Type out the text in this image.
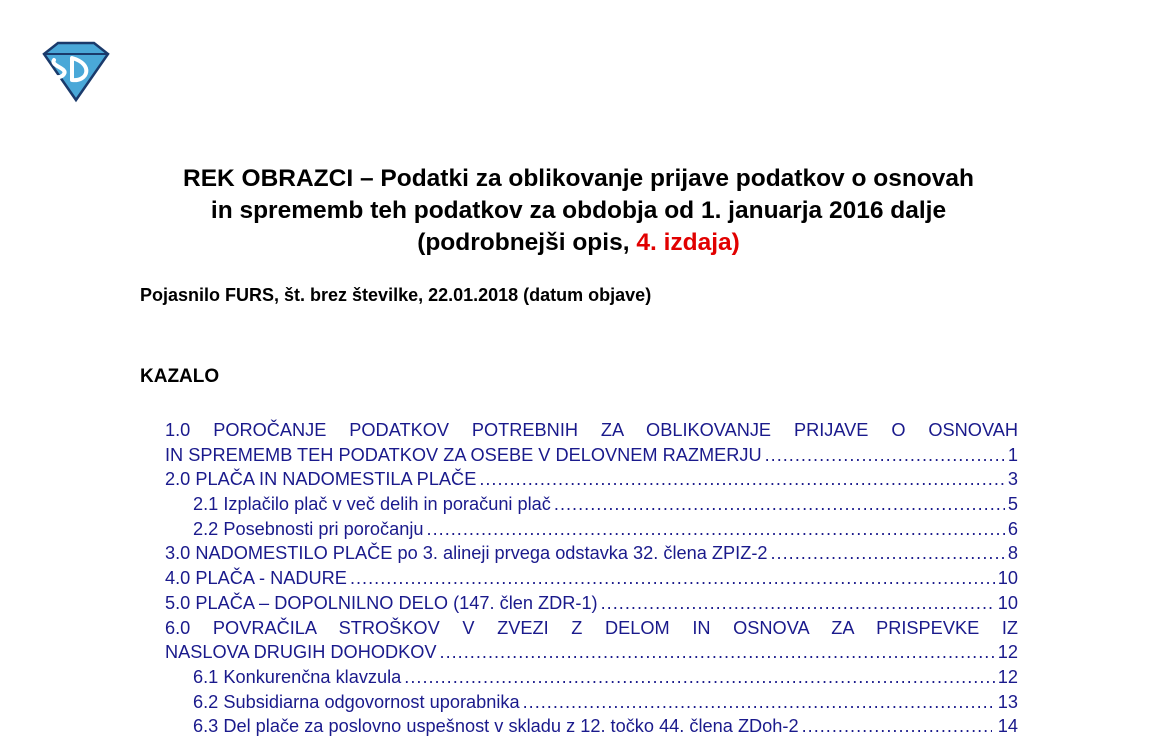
REK OBRAZCI – Podatki za oblikovanje prijave podatkov o osnovah
in sprememb teh podatkov za obdobja od 1. januarja 2016 dalje
(podrobnejši opis, 4. izdaja)
Pojasnilo FURS, št. brez številke, 22.01.2018 (datum objave)
KAZALO
1.0 POROČANJE PODATKOV POTREBNIH ZA OBLIKOVANJE PRIJAVE O OSNOVAH
IN SPREMEMB TEH PODATKOV ZA OSEBE V DELOVNEM RAZMERJU .....	1
2.0 PLAČA IN NADOMESTILA PLAČE .....	3
2.1 Izplačilo plač v več delih in poračuni plač .....	5
2.2 Posebnosti pri poročanju .....	6
3.0 NADOMESTILO PLAČE po 3. alineji prvega odstavka 32. člena ZPIZ-2 .....	8
4.0 PLAČA - NADURE .....	10
5.0 PLAČA – DOPOLNILNO DELO (147. člen ZDR-1) .....	10
6.0 POVRAČILA STROŠKOV V ZVEZI Z DELOM IN OSNOVA ZA PRISPEVKE IZ
NASLOVA DRUGIH DOHODKOV .....	12
6.1 Konkurenčna klavzula .....	12
6.2 Subsidiarna odgovornost uporabnika .....	13
6.3 Del plače za poslovno uspešnost v skladu z 12. točko 44. člena ZDoh-2 .....	14
